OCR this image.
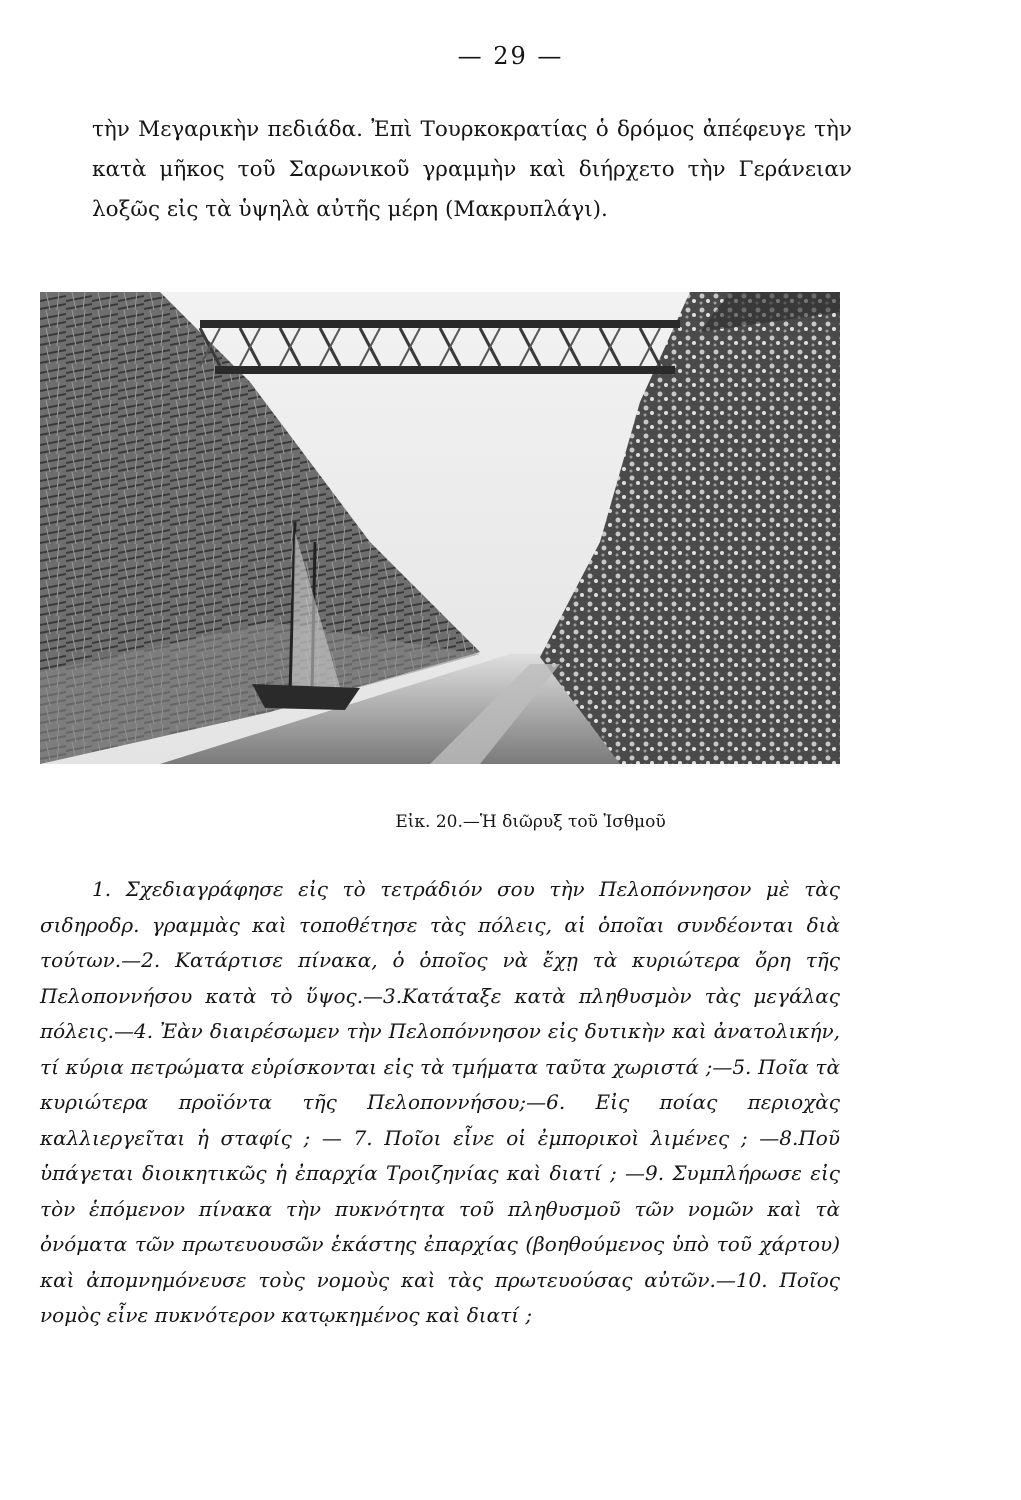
— 29 —
τὴν Μεγαρικὴν πεδιάδα. Ἐπὶ Τουρκοκρατίας ὁ δρόμος ἀπέφευγε τὴν κατὰ μῆκος τοῦ Σαρωνικοῦ γραμμὴν καὶ διήρχετο τὴν Γεράνειαν λοξῶς εἰς τὰ ὑψηλὰ αὐτῆς μέρη (Μακρυπλάγι).
Εἰκ. 20.—Ἡ διῶρυξ τοῦ Ἰσθμοῦ

1. Σχεδιαγράφησε εἰς τὸ τετράδιόν σου τὴν Πελοπόννησον μὲ τὰς σιδηροδρ. γραμμὰς καὶ τοποθέτησε τὰς πόλεις, αἱ ὁποῖαι συνδέονται διὰ τούτων.—2. Κατάρτισε πίνακα, ὁ ὁποῖος νὰ ἔχῃ τὰ κυριώτερα ὄρη τῆς Πελοποννήσου κατὰ τὸ ὕψος.—3.Κατάταξε κατὰ πληθυσμὸν τὰς μεγάλας πόλεις.—4. Ἐὰν διαιρέσωμεν τὴν Πελοπόννησον εἰς δυτικὴν καὶ ἀνατολικήν, τί κύρια πετρώματα εὑρίσκονται εἰς τὰ τμήματα ταῦτα χωριστά ;—5. Ποῖα τὰ κυριώτερα προϊόντα τῆς Πελοποννήσου;—6. Εἰς ποίας περιοχὰς καλλιεργεῖται ἡ σταφίς ; — 7. Ποῖοι εἶνε οἱ ἐμπορικοὶ λιμένες ; —8.Ποῦ ὑπάγεται διοικητικῶς ἡ ἐπαρχία Τροιζηνίας καὶ διατί ; —9. Συμπλήρωσε εἰς τὸν ἑπόμενον πίνακα τὴν πυκνότητα τοῦ πληθυσμοῦ τῶν νομῶν καὶ τὰ ὀνόματα τῶν πρωτευουσῶν ἑκάστης ἐπαρχίας (βοηθούμενος ὑπὸ τοῦ χάρτου) καὶ ἀπομνημόνευσε τοὺς νομοὺς καὶ τὰς πρωτευούσας αὐτῶν.—10. Ποῖος νομὸς εἶνε πυκνότερον κατῳκημένος καὶ διατί ;
